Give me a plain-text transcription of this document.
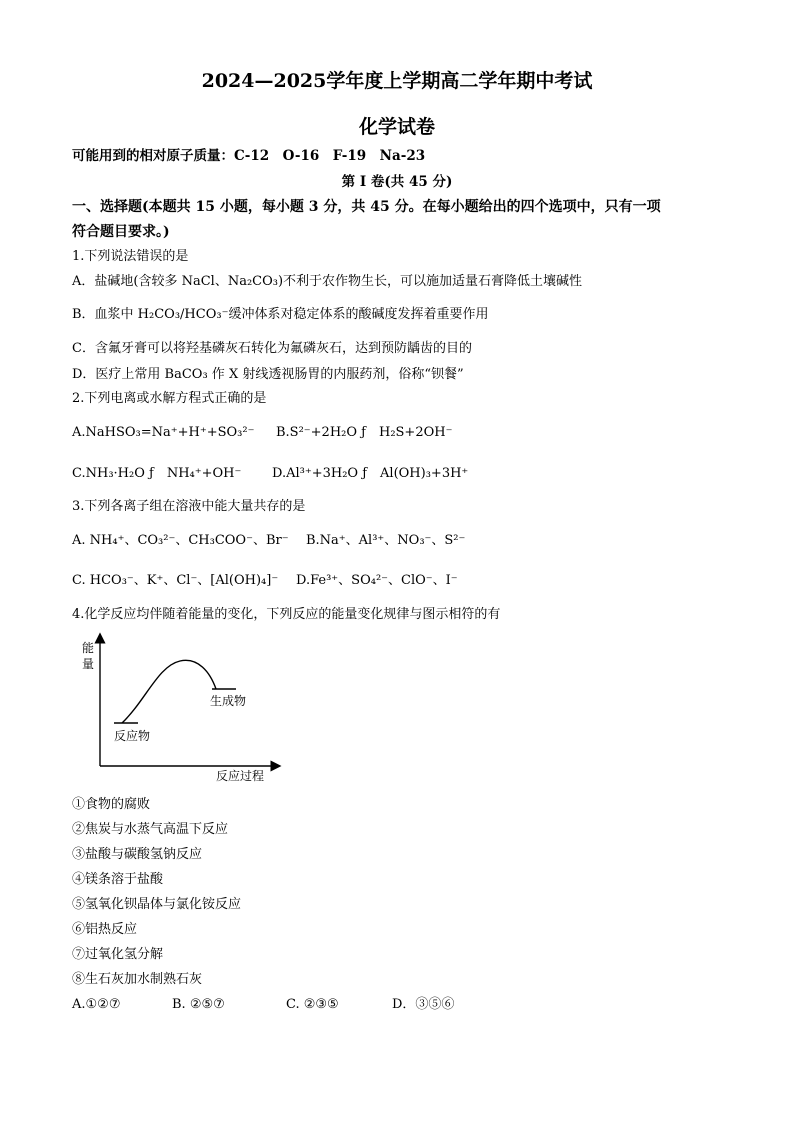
2024—2025学年度上学期高二学年期中考试
化学试卷
可能用到的相对原子质量：C-12　O-16　F-19　Na-23
第 I 卷(共 45 分)
一、选择题(本题共 15 小题，每小题 3 分，共 45 分。在每小题给出的四个选项中，只有一项
符合题目要求。)
1.下列说法错误的是
A．盐碱地(含较多 NaCl、Na₂CO₃)不利于农作物生长，可以施加适量石膏降低土壤碱性
B．血浆中 H₂CO₃/HCO₃⁻缓冲体系对稳定体系的酸碱度发挥着重要作用
C．含氟牙膏可以将羟基磷灰石转化为氟磷灰石，达到预防龋齿的目的
D．医疗上常用 BaCO₃ 作 X 射线透视肠胃的内服药剂，俗称“钡餐”
2.下列电离或水解方程式正确的是
A.NaHSO₃=Na⁺+H⁺+SO₃²⁻ B.S²⁻+2H₂O ƒ　H₂S+2OH⁻
C.NH₃·H₂O ƒ　NH₄⁺+OH⁻ D.Al³⁺+3H₂O ƒ　Al(OH)₃+3H⁺
3.下列各离子组在溶液中能大量共存的是
A. NH₄⁺、CO₃²⁻、CH₃COO⁻、Br⁻ B.Na⁺、Al³⁺、NO₃⁻、S²⁻
C. HCO₃⁻、K⁺、Cl⁻、[Al(OH)₄]⁻ D.Fe³⁺、SO₄²⁻、ClO⁻、I⁻
4.化学反应均伴随着能量的变化，下列反应的能量变化规律与图示相符的有
能
量
反应物
生成物
反应过程
①食物的腐败
②焦炭与水蒸气高温下反应
③盐酸与碳酸氢钠反应
④镁条溶于盐酸
⑤氢氧化钡晶体与氯化铵反应
⑥铝热反应
⑦过氧化氢分解
⑧生石灰加水制熟石灰
A.①②⑦	B. ②⑤⑦	C. ②③⑤	D．③⑤⑥
